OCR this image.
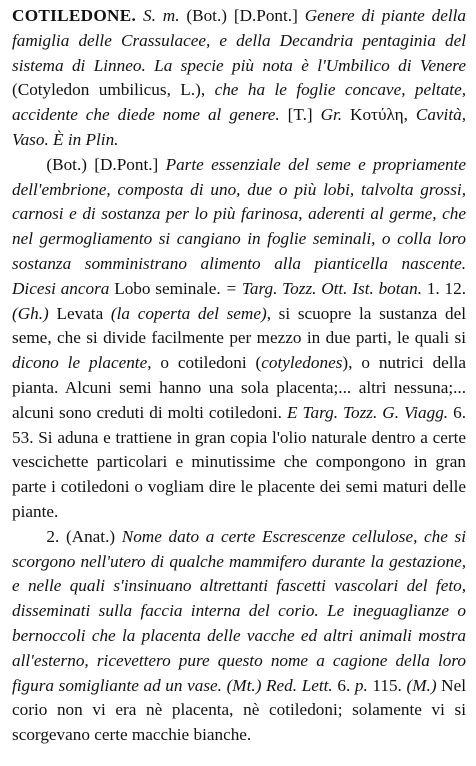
COTILEDONE. S. m. (Bot.) [D.Pont.] Genere di piante della famiglia delle Crassulacee, e della Decandria pentaginia del sistema di Linneo. La specie più nota è l'Umbilico di Venere (Cotyledon umbilicus, L.), che ha le foglie concave, peltate, accidente che diede nome al genere. [T.] Gr. Κοτύλη, Cavità, Vaso. È in Plin.

(Bot.) [D.Pont.] Parte essenziale del seme e propriamente dell'embrione, composta di uno, due o più lobi, talvolta grossi, carnosi e di sostanza per lo più farinosa, aderenti al germe, che nel germogliamento si cangiano in foglie seminali, o colla loro sostanza somministrano alimento alla pianticella nascente. Dicesi ancora Lobo seminale. = Targ. Tozz. Ott. Ist. botan. 1. 12. (Gh.) Levata (la coperta del seme), si scuopre la sustanza del seme, che si divide facilmente per mezzo in due parti, le quali si dicono le placente, o cotiledoni (cotyledones), o nutrici della pianta. Alcuni semi hanno una sola placenta;... altri nessuna;... alcuni sono creduti di molti cotiledoni. E Targ. Tozz. G. Viagg. 6. 53. Si aduna e trattiene in gran copia l'olio naturale dentro a certe vescichette particolari e minutissime che compongono in gran parte i cotiledoni o vogliam dire le placente dei semi maturi delle piante.

2. (Anat.) Nome dato a certe Escrescenze cellulose, che si scorgono nell'utero di qualche mammifero durante la gestazione, e nelle quali s'insinuano altrettanti fascetti vascolari del feto, disseminati sulla faccia interna del corio. Le ineguaglianze o bernoccoli che la placenta delle vacche ed altri animali mostra all'esterno, ricevettero pure questo nome a cagione della loro figura somigliante ad un vase. (Mt.) Red. Lett. 6. p. 115. (M.) Nel corio non vi era nè placenta, nè cotiledoni; solamente vi si scorgevano certe macchie bianche.
